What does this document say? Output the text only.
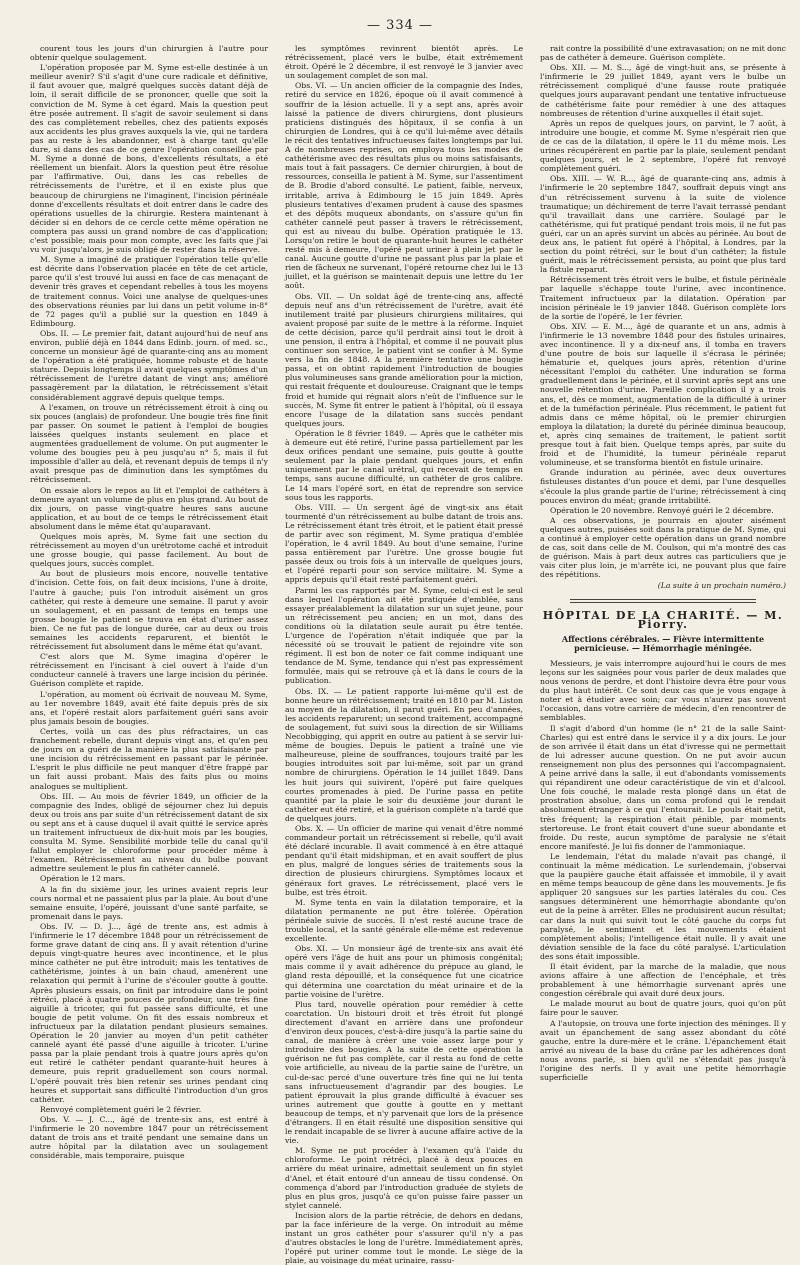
— 334 —

courent tous les jours d'un chirurgien à l'autre pour obtenir quelque soulagement.

L'opération proposée par M. Syme est-elle destinée à un meilleur avenir? S'il s'agit d'une cure radicale et définitive, il faut avouer que, malgré quelques succès datant déjà de loin, il serait difficile de se prononcer, quelle que soit la conviction de M. Syme à cet égard. Mais la question peut être posée autrement. Il s'agit de savoir seulement si dans des cas complètement rebelles, chez des patients exposés aux accidents les plus graves auxquels la vie, qui ne tardera pas au reste à les abandonner, est à charge tant qu'elle dure, si dans des cas de ce genre l'opération conseillée par M. Syme a donné de bons, d'excellents résultats, a été réellement un bienfait. Alors la question peut être résolue par l'affirmative. Oui, dans les cas rebelles de rétrécissements de l'urètre, et il en existe plus que beaucoup de chirurgiens ne l'imaginent, l'incision périnéale donne d'excellents résultats et doit entrer dans le cadre des opérations usuelles de la chirurgie. Restera maintenant à décider si en dehors de ce cercle cette même opération ne comptera pas aussi un grand nombre de cas d'application; c'est possible; mais pour mon compte, avec les faits que j'ai vu voir jusqu'alors, je suis obligé de rester dans la réserve.

M. Syme a imaginé de pratiquer l'opération telle qu'elle est décrite dans l'observation placée en tête de cet article, parce qu'il s'est trouvé lui aussi en face de cas menaçant de devenir très graves et cependant rebelles à tous les moyens de traitement connus. Voici une analyse de quelques-unes des observations réunies par lui dans un petit volume in-8° de 72 pages qu'il a publié sur la question en 1849 à Edimbourg.

Obs. II. — Le premier fait, datant aujourd'hui de neuf ans environ, publié déjà en 1844 dans Edinb. journ. of med. sc., concerne un monsieur âgé de quarante-cinq ans au moment de l'opération a été pratiquée, homme robuste et de haute stature. Depuis longtemps il avait quelques symptômes d'un rétrécissement de l'urètre datant de vingt ans; amélioré passagèrement par la dilatation, le rétrécissement s'était considérablement aggravé depuis quelque temps.

A l'examen, on trouve un rétrécissement étroit à cinq ou six pouces (anglais) de profondeur. Une bougie très fine finit par passer. On soumet le patient à l'emploi de bougies laissées quelques instants seulement en place et augmentées graduellement de volume. On put augmenter le volume des bougies peu à peu jusqu'au n° 5, mais il fut impossible d'aller au delà, et revenant depuis de temps il n'y avait presque pas de diminution dans les symptômes du rétrécissement.

On essaie alors le repos au lit et l'emploi de cathéters à demeure ayant un volume de plus en plus grand. Au bout de dix jours, on passe vingt-quatre heures sans aucune application, et au bout de ce temps le rétrécissement était absolument dans le même état qu'auparavant.

Quelques mois après, M. Syme fait une section du rétrécissement au moyen d'un urétrotome caché et introduit une grosse bougie, qui passe facilement. Au bout de quelques jours, succès complet.

Au bout de plusieurs mois encore, nouvelle tentative d'incision. Cette fois, on fait deux incisions, l'une à droite, l'autre à gauche; puis l'on introduit aisément un gros cathéter, qui reste à demeure une semaine. Il parut y avoir un soulagement, et en passant de temps en temps une grosse bougie le patient se trouva en état d'uriner assez bien. Ce ne fut pas de longue durée, car au deux ou trois semaines les accidents reparurent, et bientôt le rétrécissement fut absolument dans le même état qu'avant.

C'est alors que M. Syme imagina d'opérer le rétrécissement en l'incisant à ciel ouvert à l'aide d'un conducteur cannelé à travers une large incision du périnée. Guérison complète et rapide.

L'opération, au moment où écrivait de nouveau M. Syme, au 1er novembre 1849, avait été faite depuis près de six ans, et l'opéré restait alors parfaitement guéri sans avoir plus jamais besoin de bougies.

Certes, voilà un cas des plus réfractaires, un cas franchement rebelle, durant depuis vingt ans, et qu'en peu de jours on a guéri de la manière la plus satisfaisante par une incision du rétrécissement en passant par le périnée. L'esprit le plus difficile ne peut manquer d'être frappé par un fait aussi probant. Mais des faits plus ou moins analogues se multiplient.

Obs. III. — Au mois de février 1849, un officier de la compagnie des Indes, obligé de séjourner chez lui depuis deux ou trois ans par suite d'un rétrécissement datant de six ou sept ans et à cause duquel il avait quitté le service après un traitement infructueux de dix-huit mois par les bougies, consulta M. Syme. Sensibilité morbide telle du canal qu'il fallut employer le chloroforme pour procéder même à l'examen. Rétrécissement au niveau du bulbe pouvant admettre seulement le plus fin cathéter cannelé.

Opération le 12 mars.

A la fin du sixième jour, les urines avaient repris leur cours normal et ne passaient plus par la plaie. Au bout d'une semaine ensuite, l'opéré, jouissant d'une santé parfaite, se promenait dans le pays.

Obs. IV. — D. J..., âgé de trente ans, est admis à l'infirmerie le 17 décembre 1848 pour un rétrécissement de forme grave datant de cinq ans. Il y avait rétention d'urine depuis vingt-quatre heures avec incontinence, et le plus mince cathéter ne put être introduit; mais les tentatives de cathétérisme, jointes à un bain chaud, amenèrent une relaxation qui permit à l'urine de s'écouler goutte à goutte. Après plusieurs essais, on finit par introduire dans le point rétréci, placé à quatre pouces de profondeur, une très fine aiguille à tricoter, qui fut passée sans difficulté, et une bougie de petit volume. On fit des essais nombreux et infructueux par la dilatation pendant plusieurs semaines. Opération le 20 janvier au moyen d'un petit cathéter cannelé ayant été passé d'une aiguille à tricoter. L'urine passa par la plaie pendant trois à quatre jours après qu'on eut retiré le cathéter pendant quarante-huit heures à demeure, puis reprit graduellement son cours normal. L'opéré pouvait très bien retenir ses urines pendant cinq heures et supportait sans difficulté l'introduction d'un gros cathéter.

Renvoyé complètement guéri le 2 février.

Obs. V. — J. C..., âgé de trente-six ans, est entré à l'infirmerie le 20 novembre 1847 pour un rétrécissement datant de trois ans et traité pendant une semaine dans un autre hôpital par la dilatation avec un soulagement considérable, mais temporaire, puisque

les symptômes revinrent bientôt après. Le rétrécissement, placé vers le bulbe, était extrêmement étroit. Opéré le 2 décembre, il est renvoyé le 3 janvier avec un soulagement complet de son mal.

Obs. VI. — Un ancien officier de la compagnie des Indes, retiré du service en 1826, époque où il avait commencé à souffrir de la lésion actuelle. Il y a sept ans, après avoir laissé la patience de divers chirurgiens, dont plusieurs praticiens distingués des hôpitaux, il se confia à un chirurgien de Londres, qui à ce qu'il lui-même avec détails le récit des tentatives infructueuses faites longtemps par lui. A de nombreuses reprises, on employa tous les modes de cathétérisme avec des résultats plus ou moins satisfaisants, mais tout à fait passagers. Ce dernier chirurgien, à bout de ressources, conseilla le patient à M. Syme, sur l'assentiment de B. Brodie d'abord consulté. Le patient, faible, nerveux, irritable, arriva à Edimbourg le 15 juin 1849. Après plusieurs tentatives d'examen prudent à cause des spasmes et des dépôts muqueux abondants, on s'assure qu'un fin cathéter cannelé peut passer à travers le rétrécissement, qui est au niveau du bulbe. Opération pratiquée le 13. Lorsqu'on retire le bout de quarante-huit heures le cathéter resté mis à demeure, l'opéré peut uriner à plein jet par le canal. Aucune goutte d'urine ne passant plus par la plaie et rien de fâcheux ne survenant, l'opéré retourne chez lui le 13 juillet, et la guérison se maintenait depuis une lettre du 1er août.

Obs. VII. — Un soldat âgé de trente-cinq ans, affecté depuis neuf ans d'un rétrécissement de l'urètre, avait été inutilement traité par plusieurs chirurgiens militaires, qui avaient proposé par suite de le mettre à la réforme. Inquiet de cette décision, parce qu'il perdrait ainsi tout le droit à une pension, il entra à l'hôpital, et comme il ne pouvait plus continuer son service, le patient vint se confier à M. Syme vers la fin de 1848. A la première tentative une bougie passa, et on obtint rapidement l'introduction de bougies plus volumineuses sans grande amélioration pour la miction, qui restait fréquente et douloureuse. Craignant que le temps froid et humide qui régnait alors n'eût de l'influence sur le succès, M. Syme fit entrer le patient à l'hôpital, où il essaya encore l'usage de la dilatation sans succès pendant quelques jours.

Opération le 8 février 1849. — Après que le cathéter mis à demeure eut été retiré, l'urine passa partiellement par les deux orifices pendant une semaine, puis goutte à goutte seulement par la plaie pendant quelques jours, et enfin uniquement par le canal urétral, qui recevait de temps en temps, sans aucune difficulté, un cathéter de gros calibre. Le 14 mars l'opéré sort, en état de reprendre son service sous tous les rapports.

Obs. VIII. — Un sergent âgé de vingt-six ans était tourmenté d'un rétrécissement au bulbe datant de trois ans. Le rétrécissement étant très étroit, et le patient était pressé de partir avec son régiment, M. Syme pratiqua d'emblée l'opération, le 4 avril 1849. Au bout d'une semaine, l'urine passa entièrement par l'urètre. Une grosse bougie fut passée deux ou trois fois à un intervalle de quelques jours, et l'opéré reparti pour son service militaire. M. Syme a appris depuis qu'il était resté parfaitement guéri.

Parmi les cas rapportés par M. Syme, celui-ci est le seul dans lequel l'opération ait été pratiquée d'emblée, sans essayer préalablement la dilatation sur un sujet jeune, pour un rétrécissement peu ancien; en un mot, dans des conditions où la dilatation seule aurait pu être tentée. L'urgence de l'opération n'était indiquée que par la nécessité où se trouvait le patient de rejoindre vite son régiment. Il est bon de noter ce fait comme indiquant une tendance de M. Syme, tendance qui n'est pas expressément formulée, mais qui se retrouve çà et là dans le cours de la publication.

Obs. IX. — Le patient rapporte lui-même qu'il est de bonne heure un rétrécissement; traité en 1810 par M. Liston au moyen de la dilatation, il parut guéri. En peu d'années, les accidents reparurent; un second traitement, accompagné de soulagement, fut suivi sous la direction de sir Williams Necobbigging, qui apprit en outre au patient à se servir lui-même de bougies. Depuis le patient a traîné une vie malheureuse, pleine de souffrances, toujours traité par les bougies introduites soit par lui-même, soit par un grand nombre de chirurgiens. Opération le 14 juillet 1849. Dans les huit jours qui suivirent, l'opéré put faire quelques courtes promenades à pied. De l'urine passa en petite quantité par la plaie le soir du deuxième jour durant le cathéter eut été retiré, et la guérison complète n'a tardé que de quelques jours.

Obs. X. — Un officier de marine qui venait d'être nommé commandeur portait un rétrécissement si rebelle, qu'il avait été déclaré incurable. Il avait commencé à en être attaqué pendant qu'il était midshipman, et en avait souffert de plus en plus, malgré de longues séries de traitements sous la direction de plusieurs chirurgiens. Symptômes locaux et généraux fort graves. Le rétrécissement, placé vers le bulbe, est très étroit.

M. Syme tenta en vain la dilatation temporaire, et la dilatation permanente ne put être tolérée. Opération périnéale suivie de succès. Il n'est resté aucune trace de trouble local, et la santé générale elle-même est redevenue excellente.

Obs. XI. — Un monsieur âgé de trente-six ans avait été opéré vers l'âge de huit ans pour un phimosis congénital; mais comme il y avait adhérence du prépuce au gland, le gland resta dépouillé, et la conséquence fut une cicatrice qui détermina une coarctation du méat urinaire et de la partie voisine de l'urètre.

Plus tard, nouvelle opération pour remédier à cette coarctation. Un bistouri droit et très étroit fut plongé directement d'avant en arrière dans une profondeur d'environ deux pouces, c'est-à-dire jusqu'à la partie saine du canal, de manière à créer une voie assez large pour y introduire des bougies. A la suite de cette opération la guérison ne fut pas complète, car il resta au fond de cette voie artificielle, au niveau de la partie saine de l'urètre, un cul-de-sac percé d'une ouverture très fine qui ne lui tenta sans infructueusement d'agrandir par des bougies. Le patient éprouvait la plus grande difficulté à évacuer ses urines autrement que goutte à goutte en y mettant beaucoup de temps, et n'y parvenait que lors de la présence d'étrangers. Il en était résulté une disposition sensitive qui le rendait incapable de se livrer à aucune affaire active de la vie.

M. Syme ne put procéder à l'examen qu'à l'aide du chloroforme. Le point rétréci, placé à deux pouces en arrière du méat urinaire, admettait seulement un fin stylet d'Anel, et était entouré d'un anneau de tissu condensé. On commença d'abord par l'introduction graduée de stylets de plus en plus gros, jusqu'à ce qu'on puisse faire passer un stylet cannelé.

Incision alors de la partie rétrécie, de dehors en dedans, par la face inférieure de la verge. On introduit au même instant un gros cathéter pour s'assurer qu'il n'y a pas d'autres obstacles le long de l'urètre. Immédiatement après, l'opéré put uriner comme tout le monde. Le siège de la plaie, au voisinage du méat urinaire, rassu-

rait contre la possibilité d'une extravasation; on ne mit donc pas de cathéter à demeure. Guérison complète.

Obs. XII. — M. S..., âgé de vingt-huit ans, se présente à l'infirmerie le 29 juillet 1849, ayant vers le bulbe un rétrécissement compliqué d'une fausse route pratiquée quelques jours auparavant pendant une tentative infructueuse de cathétérisme faite pour remédier à une des attaques nombreuses de rétention d'urine auxquelles il était sujet.

Après un repos de quelques jours, on parvint, le 7 août, à introduire une bougie, et comme M. Syme n'espérait rien que de ce cas de la dilatation, il opère le 11 du même mois. Les urines récupérèrent en partie par la plaie, seulement pendant quelques jours, et le 2 septembre, l'opéré fut renvoyé complètement guéri.

Obs. XIII. — W. R..., âgé de quarante-cinq ans, admis à l'infirmerie le 20 septembre 1847, souffrait depuis vingt ans d'un rétrécissement survenu à la suite de violence traumatique; un déchirement de terre l'avait terrassé pendant qu'il travaillait dans une carrière. Soulagé par le cathétérisme, qui fut pratiqué pendant trois mois, il ne fut pas guéri, car un an après survint un abcès au périnée. Au bout de deux ans, le patient fut opéré à l'hôpital, à Londres, par la section du point rétréci, sur le bout d'un cathéter; la fistule guérit, mais le rétrécissement persista, au point que plus tard la fistule reparut.

Rétrécissement très étroit vers le bulbe, et fistule périnéale par laquelle s'échappe toute l'urine, avec incontinence. Traitement infructueux par la dilatation. Opération par incision périnéale le 19 janvier 1848. Guérison complète lors de la sortie de l'opéré, le 1er février.

Obs. XIV. — E. M..., âgé de quarante et un ans, admis à l'infirmerie le 13 novembre 1848 pour des fistules urinaires, avec incontinence. Il y a dix-neuf ans, il tomba en travers d'une poutre de bois sur laquelle il s'écrasa le périnée; hématurie et, quelques jours après, rétention d'urine nécessitant l'emploi du cathéter. Une induration se forma graduellement dans le périnée, et il survint après sept ans une nouvelle rétention d'urine. Pareille complication il y a trois ans, et, dès ce moment, augmentation de la difficulté à uriner et de la tuméfaction périnéale. Plus récemment, le patient fut admis dans ce même hôpital, où le premier chirurgien employa la dilatation; la dureté du périnée diminua beaucoup, et, après cinq semaines de traitement, le patient sortit presque tout à fait bien. Quelque temps après, par suite du froid et de l'humidité, la tumeur périnéale reparut volumineuse, et se transforma bientôt en fistule urinaire.

Grande induration au périnée, avec deux ouvertures fistuleuses distantes d'un pouce et demi, par l'une desquelles s'écoule la plus grande partie de l'urine; rétrécissement à cinq pouces environ du méat; grande irritabilité.

Opération le 20 novembre. Renvoyé guéri le 2 décembre.

A ces observations, je pourrais en ajouter aisément quelques autres, puisées soit dans la pratique de M. Syme, qui a continué à employer cette opération dans un grand nombre de cas, soit dans celle de M. Coulson, qui m'a montré des cas de guérison. Mais à part deux autres cas particuliers que je vais citer plus loin, je m'arrête ici, ne pouvant plus que faire des répétitions.

(La suite à un prochain numéro.)
HÔPITAL DE LA CHARITÉ. — M. Piorry.
Affections cérébrales. — Fièvre intermittente pernicieuse. — Hémorrhagie méningée.

Messieurs, je vais interrompre aujourd'hui le cours de mes leçons sur les saignées pour vous parler de deux malades que nous venons de perdre, et dont l'histoire devra être pour vous du plus haut intérêt. Ce sont deux cas que je vous engage à noter et à étudier avec soin; car vous n'aurez pas souvent l'occasion, dans votre carrière de médecin, d'en rencontrer de semblables.

Il s'agit d'abord d'un homme (le n° 21 de la salle Saint-Charles) qui est entré dans le service il y a dix jours. Le jour de son arrivée il était dans un état d'ivresse qui ne permettait de lui adresser aucune question. On ne put avoir aucun renseignement non plus des personnes qui l'accompagnaient. A peine arrivé dans la salle, il eut d'abondants vomissements qui répandirent une odeur caractéristique de vin et d'alcool. Une fois couché, le malade resta plongé dans un état de prostration absolue, dans un coma profond qui le rendait absolument étranger à ce qui l'entourait. Le pouls était petit, très fréquent; la respiration était pénible, par moments stertoreuse. Le front était couvert d'une sueur abondante et froide. Du reste, aucun symptôme de paralysie ne s'était encore manifesté. Je lui fis donner de l'ammoniaque.

Le lendemain, l'état du malade n'avait pas changé, il continuait la même médication. Le surlendemain, j'observai que la paupière gauche était affaissée et immobile, il y avait en même temps beaucoup de gêne dans les mouvements. Je fis appliquer 20 sangsues sur les parties latérales du cou. Ces sangsues déterminèrent une hémorrhagie abondante qu'on eut de la peine à arrêter. Elles ne produisirent aucun résultat; car dans la nuit qui suivit tout le côté gauche du corps fut paralysé, le sentiment et les mouvements étaient complètement abolis; l'intelligence était nulle. Il y avait une déviation sensible de la face du côté paralysé. L'articulation des sons était impossible.

Il était évident, par la marche de la maladie, que nous avions affaire à une affection de l'encéphale, et très probablement à une hémorrhagie survenant après une congestion cérébrale qui avait duré deux jours.

Le malade mourut au bout de quatre jours, quoi qu'on pût faire pour le sauver.

A l'autopsie, on trouva une forte injection des méninges. Il y avait un épanchement de sang assez abondant du côté gauche, entre la dure-mère et le crâne. L'épanchement était arrivé au niveau de la base du crâne par les adhérences dont nous avons parlé, si bien qu'il ne s'étendait pas jusqu'à l'origine des nerfs. Il y avait une petite hémorrhagie superficielle
